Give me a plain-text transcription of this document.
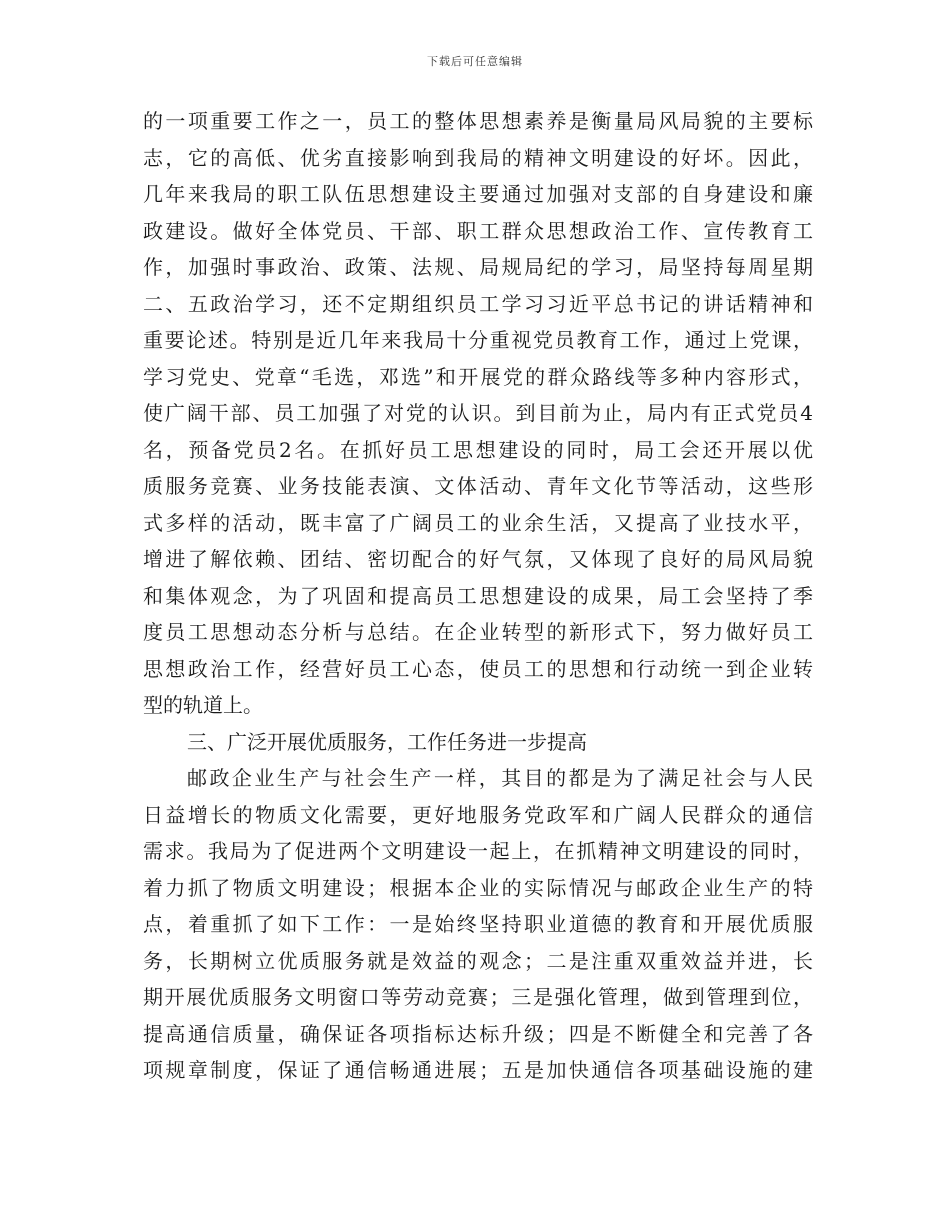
下载后可任意编辑
的一项重要工作之一，员工的整体思想素养是衡量局风局貌的主要标
志，它的高低、优劣直接影响到我局的精神文明建设的好坏。因此，
几年来我局的职工队伍思想建设主要通过加强对支部的自身建设和廉
政建设。做好全体党员、干部、职工群众思想政治工作、宣传教育工
作，加强时事政治、政策、法规、局规局纪的学习，局坚持每周星期
二、五政治学习，还不定期组织员工学习习近平总书记的讲话精神和
重要论述。特别是近几年来我局十分重视党员教育工作，通过上党课，
学习党史、党章“毛选，邓选”和开展党的群众路线等多种内容形式，
使广阔干部、员工加强了对党的认识。到目前为止，局内有正式党员4
名，预备党员2名。在抓好员工思想建设的同时，局工会还开展以优
质服务竞赛、业务技能表演、文体活动、青年文化节等活动，这些形
式多样的活动，既丰富了广阔员工的业余生活，又提高了业技水平，
增进了解依赖、团结、密切配合的好气氛，又体现了良好的局风局貌
和集体观念，为了巩固和提高员工思想建设的成果，局工会坚持了季
度员工思想动态分析与总结。在企业转型的新形式下，努力做好员工
思想政治工作，经营好员工心态，使员工的思想和行动统一到企业转
型的轨道上。
三、广泛开展优质服务，工作任务进一步提高
邮政企业生产与社会生产一样，其目的都是为了满足社会与人民
日益增长的物质文化需要，更好地服务党政军和广阔人民群众的通信
需求。我局为了促进两个文明建设一起上，在抓精神文明建设的同时，
着力抓了物质文明建设；根据本企业的实际情况与邮政企业生产的特
点，着重抓了如下工作：一是始终坚持职业道德的教育和开展优质服
务，长期树立优质服务就是效益的观念；二是注重双重效益并进，长
期开展优质服务文明窗口等劳动竞赛；三是强化管理，做到管理到位，
提高通信质量，确保证各项指标达标升级；四是不断健全和完善了各
项规章制度，保证了通信畅通进展；五是加快通信各项基础设施的建
